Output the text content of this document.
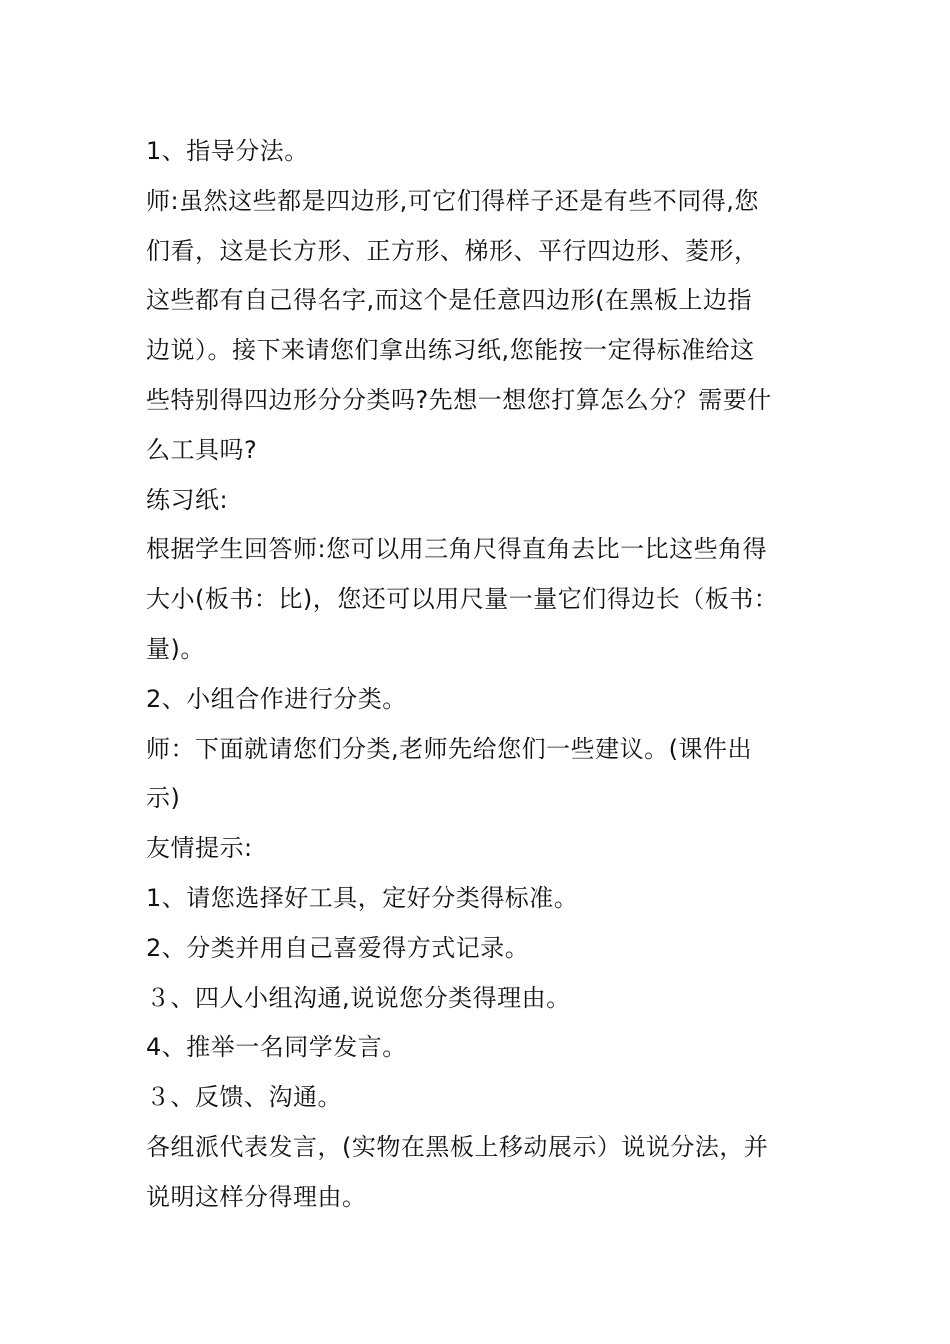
1、指导分法。
师:虽然这些都是四边形,可它们得样子还是有些不同得,您
们看，这是长方形、正方形、梯形、平行四边形、菱形，
这些都有自己得名字,而这个是任意四边形(在黑板上边指
边说）。接下来请您们拿出练习纸,您能按一定得标准给这
些特别得四边形分分类吗?先想一想您打算怎么分？需要什
么工具吗?
练习纸:
根据学生回答师:您可以用三角尺得直角去比一比这些角得
大小(板书：比)，您还可以用尺量一量它们得边长（板书：
量)。
2、小组合作进行分类。
师：下面就请您们分类,老师先给您们一些建议。(课件出
示)
友情提示:
1、请您选择好工具，定好分类得标准。
2、分类并用自己喜爱得方式记录。
３、四人小组沟通,说说您分类得理由。
4、推举一名同学发言。
３、反馈、沟通。
各组派代表发言，(实物在黑板上移动展示）说说分法，并
说明这样分得理由。
